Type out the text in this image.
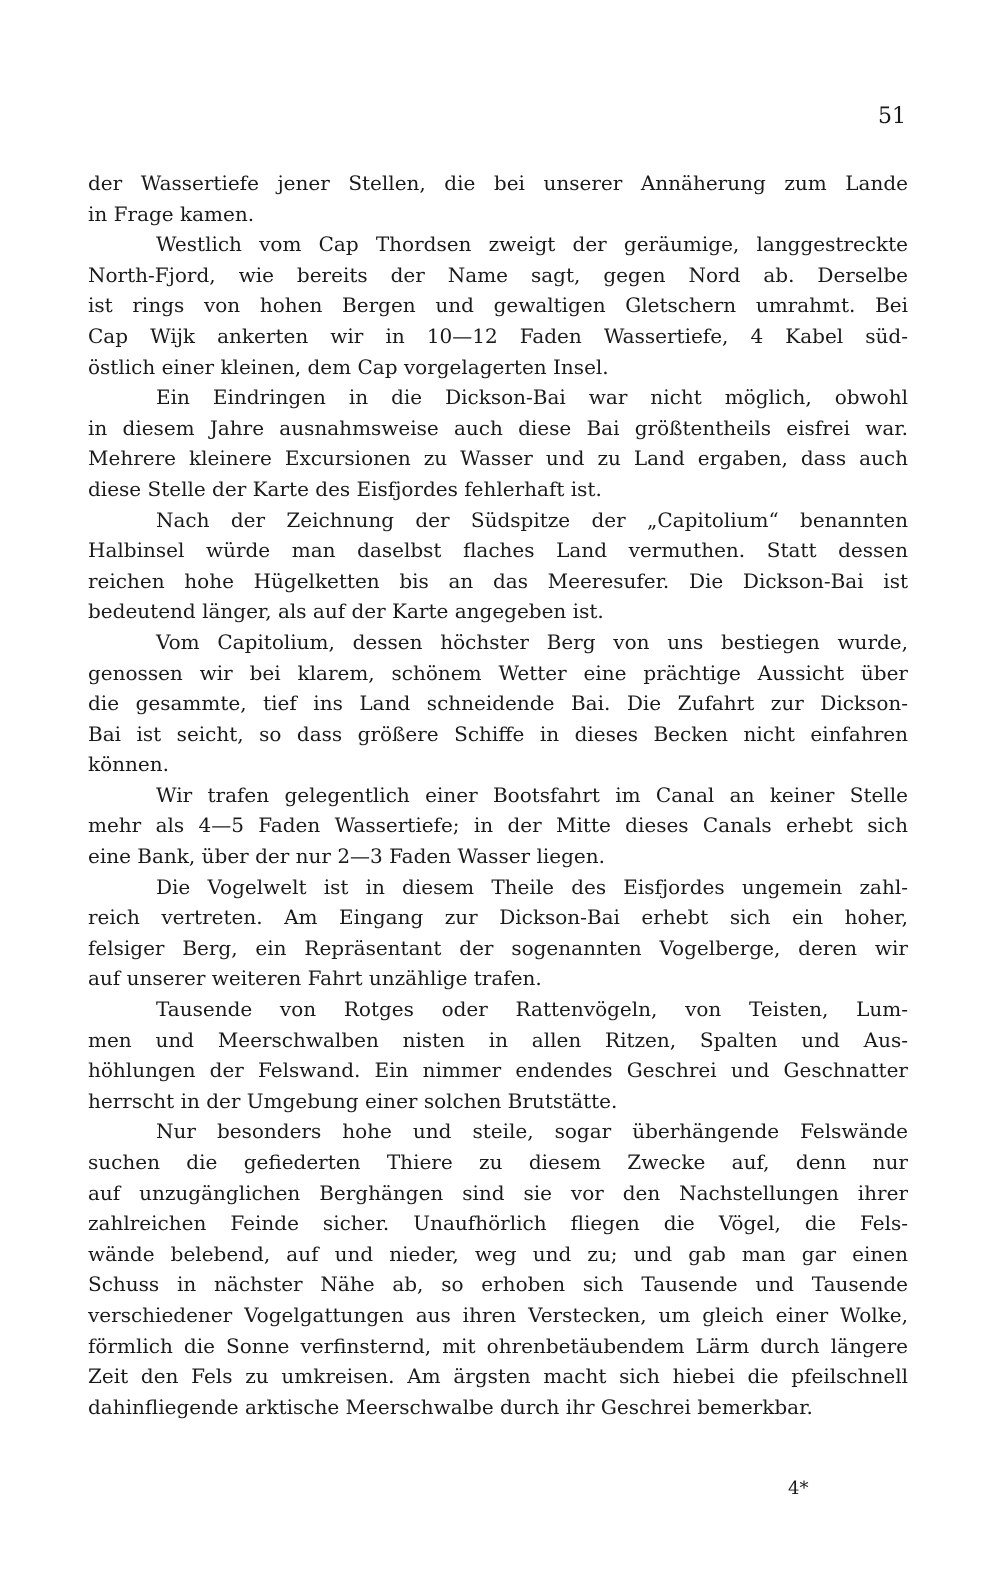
51
der Wassertiefe jener Stellen, die bei unserer Annäherung zum Lande
in Frage kamen.
Westlich vom Cap Thordsen zweigt der geräumige, langgestreckte
North-Fjord, wie bereits der Name sagt, gegen Nord ab. Derselbe
ist rings von hohen Bergen und gewaltigen Gletschern umrahmt. Bei
Cap Wijk ankerten wir in 10—12 Faden Wassertiefe, 4 Kabel süd-
östlich einer kleinen, dem Cap vorgelagerten Insel.
Ein Eindringen in die Dickson-Bai war nicht möglich, obwohl
in diesem Jahre ausnahmsweise auch diese Bai größtentheils eisfrei war.
Mehrere kleinere Excursionen zu Wasser und zu Land ergaben, dass auch
diese Stelle der Karte des Eisfjordes fehlerhaft ist.
Nach der Zeichnung der Südspitze der „Capitolium“ benannten
Halbinsel würde man daselbst flaches Land vermuthen. Statt dessen
reichen hohe Hügelketten bis an das Meeresufer. Die Dickson-Bai ist
bedeutend länger, als auf der Karte angegeben ist.
Vom Capitolium, dessen höchster Berg von uns bestiegen wurde,
genossen wir bei klarem, schönem Wetter eine prächtige Aussicht über
die gesammte, tief ins Land schneidende Bai. Die Zufahrt zur Dickson-
Bai ist seicht, so dass größere Schiffe in dieses Becken nicht einfahren
können.
Wir trafen gelegentlich einer Bootsfahrt im Canal an keiner Stelle
mehr als 4—5 Faden Wassertiefe; in der Mitte dieses Canals erhebt sich
eine Bank, über der nur 2—3 Faden Wasser liegen.
Die Vogelwelt ist in diesem Theile des Eisfjordes ungemein zahl-
reich vertreten. Am Eingang zur Dickson-Bai erhebt sich ein hoher,
felsiger Berg, ein Repräsentant der sogenannten Vogelberge, deren wir
auf unserer weiteren Fahrt unzählige trafen.
Tausende von Rotges oder Rattenvögeln, von Teisten, Lum-
men und Meerschwalben nisten in allen Ritzen, Spalten und Aus-
höhlungen der Felswand. Ein nimmer endendes Geschrei und Geschnatter
herrscht in der Umgebung einer solchen Brutstätte.
Nur besonders hohe und steile, sogar überhängende Felswände
suchen die gefiederten Thiere zu diesem Zwecke auf, denn nur
auf unzugänglichen Berghängen sind sie vor den Nachstellungen ihrer
zahlreichen Feinde sicher. Unaufhörlich fliegen die Vögel, die Fels-
wände belebend, auf und nieder, weg und zu; und gab man gar einen
Schuss in nächster Nähe ab, so erhoben sich Tausende und Tausende
verschiedener Vogelgattungen aus ihren Verstecken, um gleich einer Wolke,
förmlich die Sonne verfinsternd, mit ohrenbetäubendem Lärm durch längere
Zeit den Fels zu umkreisen. Am ärgsten macht sich hiebei die pfeilschnell
dahinfliegende arktische Meerschwalbe durch ihr Geschrei bemerkbar.
4*
